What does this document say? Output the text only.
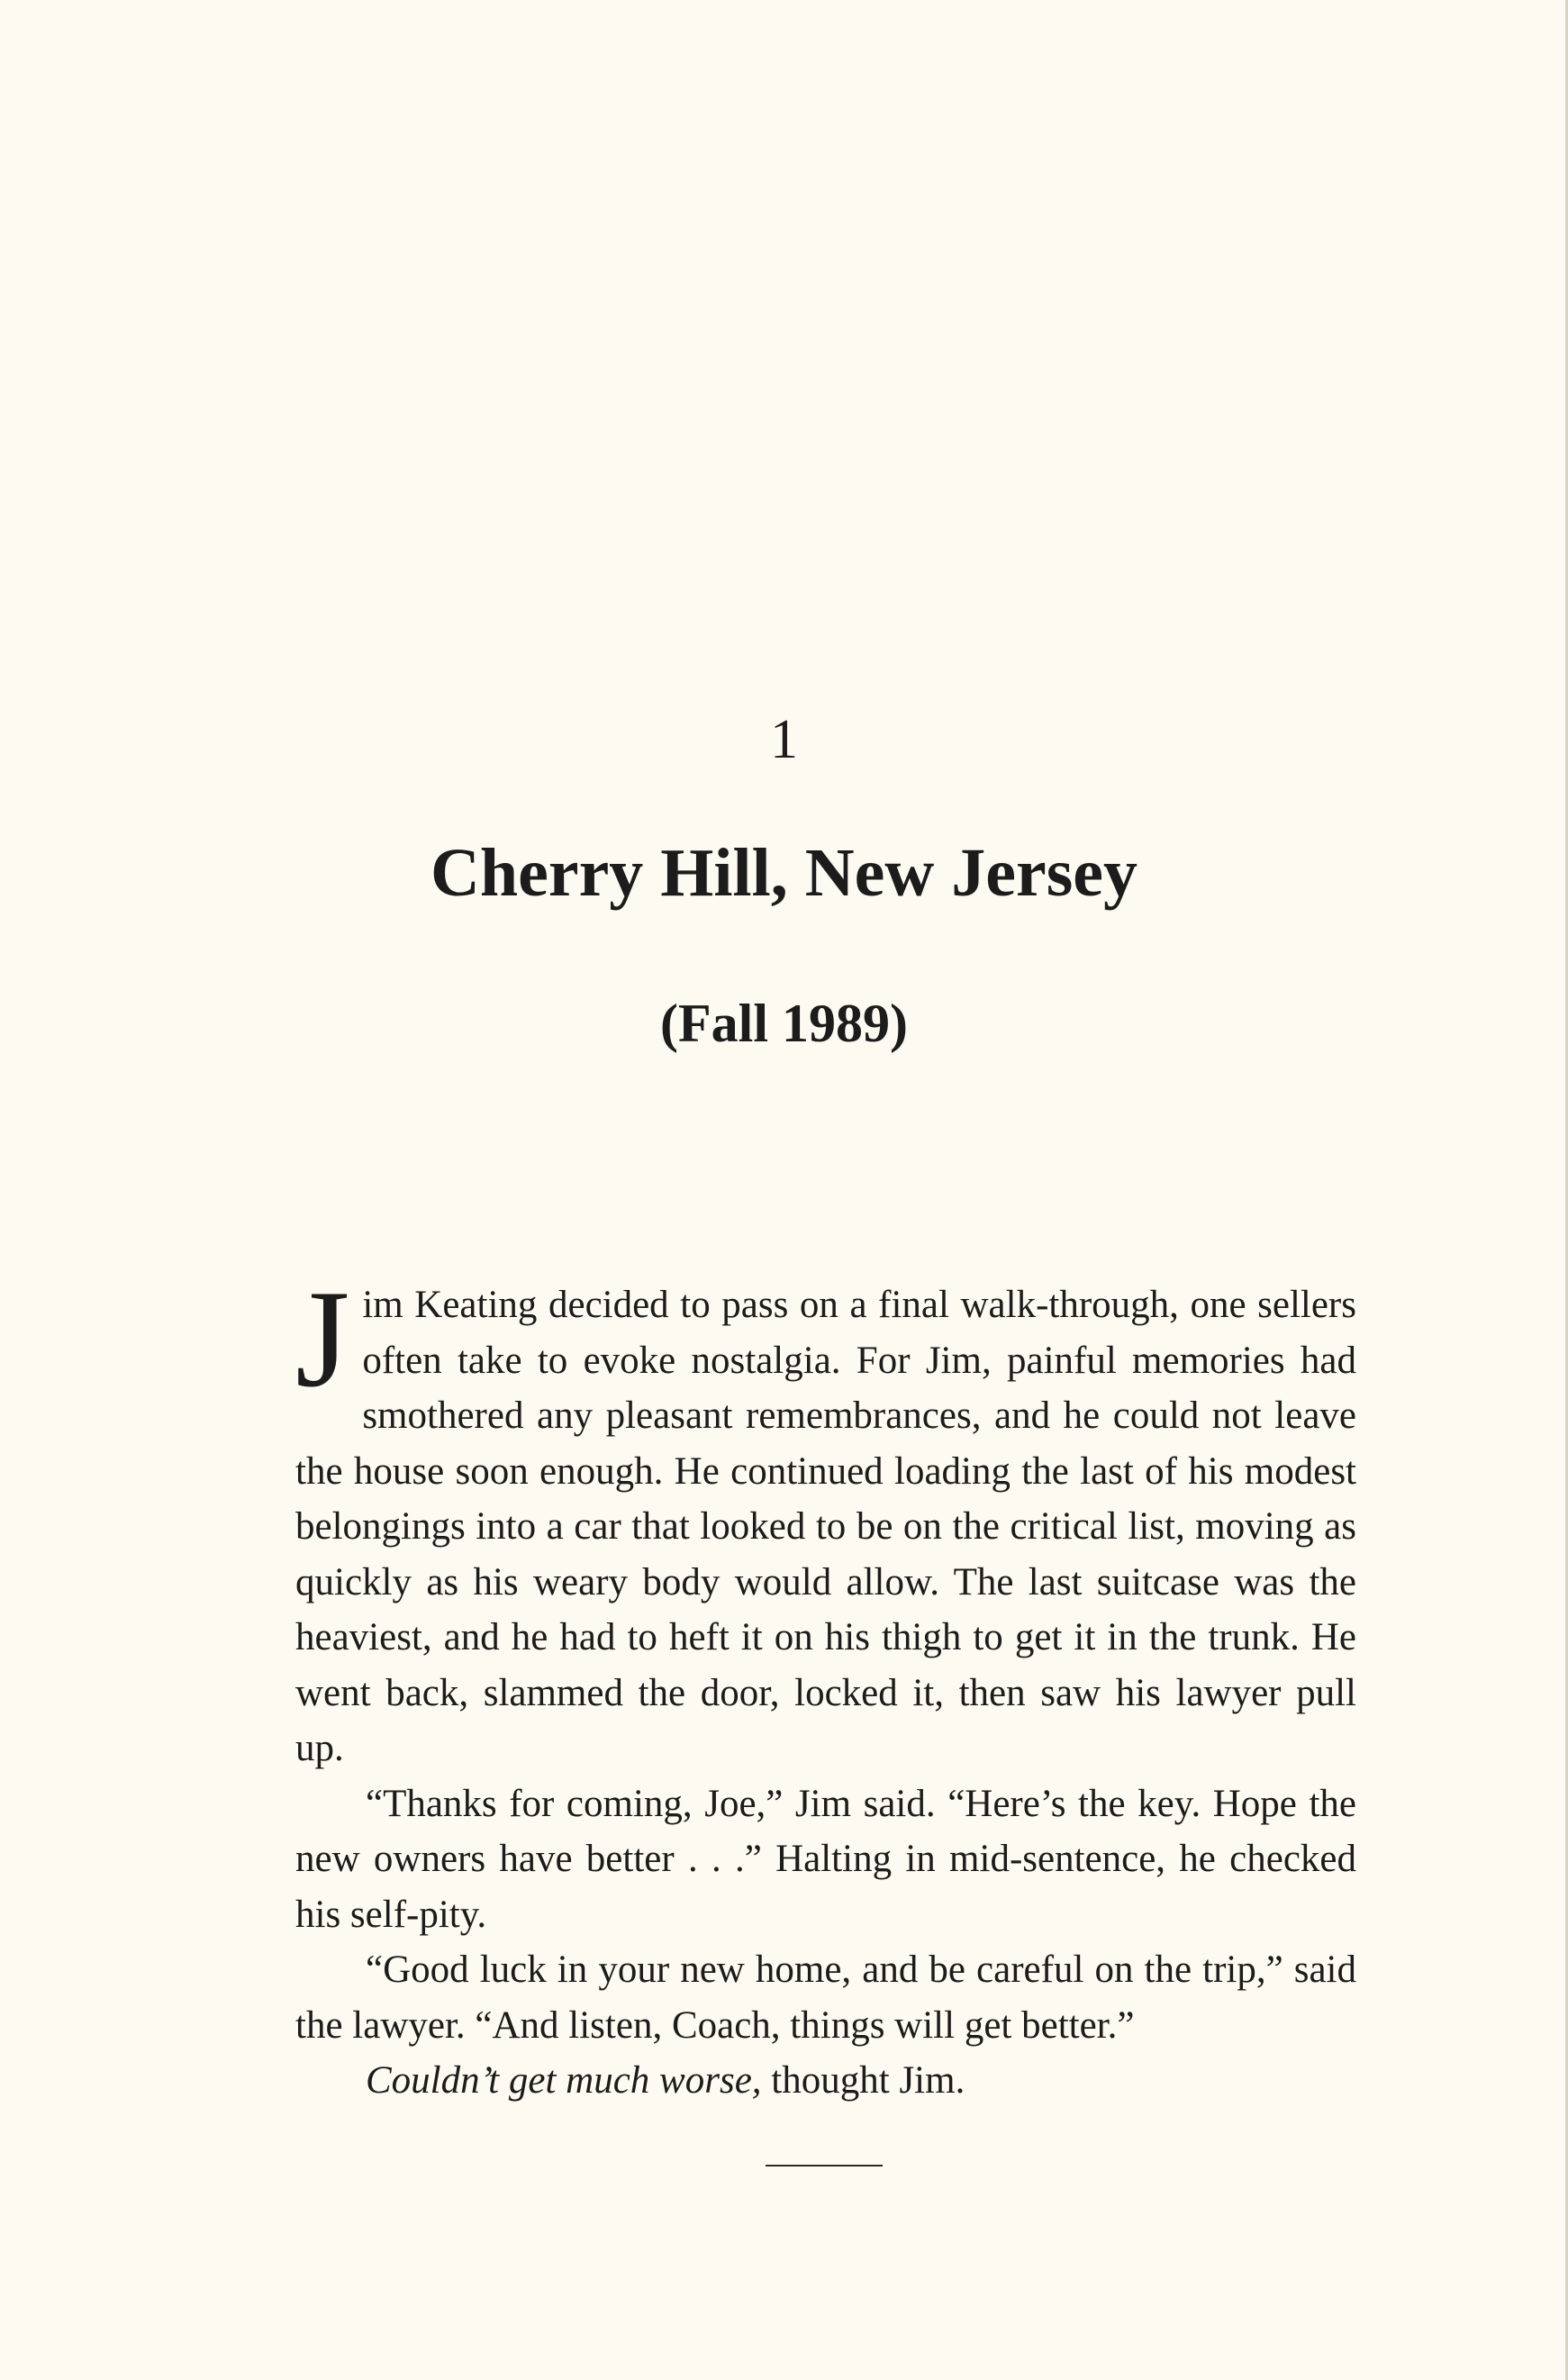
1
Cherry Hill, New Jersey
(Fall 1989)

Jim Keating decided to pass on a final walk-through, one sellers often take to evoke nostalgia. For Jim, painful memories had smothered any pleasant remembrances, and he could not leave the house soon enough. He continued loading the last of his modest belongings into a car that looked to be on the critical list, moving as quickly as his weary body would allow. The last suitcase was the heaviest, and he had to heft it on his thigh to get it in the trunk. He went back, slammed the door, locked it, then saw his lawyer pull up.

“Thanks for coming, Joe,” Jim said. “Here’s the key. Hope the new owners have better . . .” Halting in mid-sentence, he checked his self-pity.

“Good luck in your new home, and be careful on the trip,” said the lawyer. “And listen, Coach, things will get better.”

Couldn’t get much worse, thought Jim.
